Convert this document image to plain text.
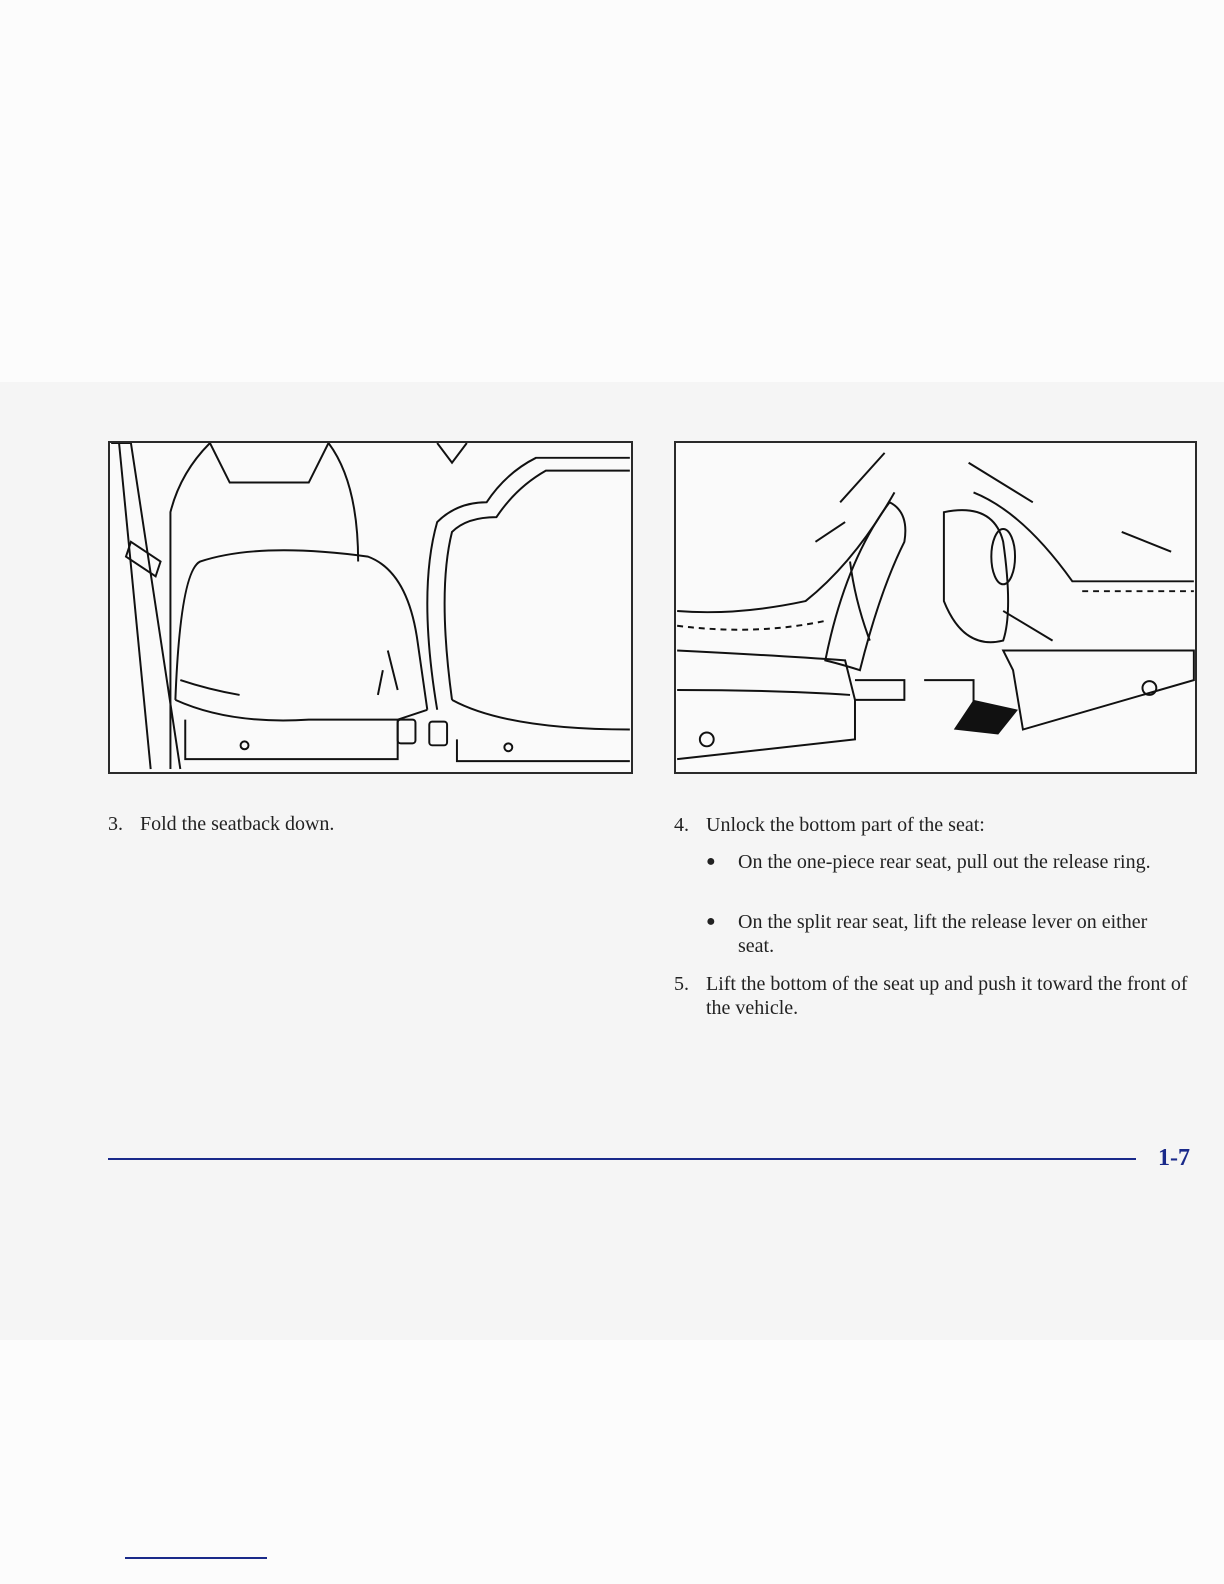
3. Fold the seatback down.	4. Unlock the bottom part of the seat:
●	On the one-piece rear seat, pull out the release ring.
●	On the split rear seat, lift the release lever on either seat.
5. Lift the bottom of the seat up and push it toward the front of the vehicle.
1-7
